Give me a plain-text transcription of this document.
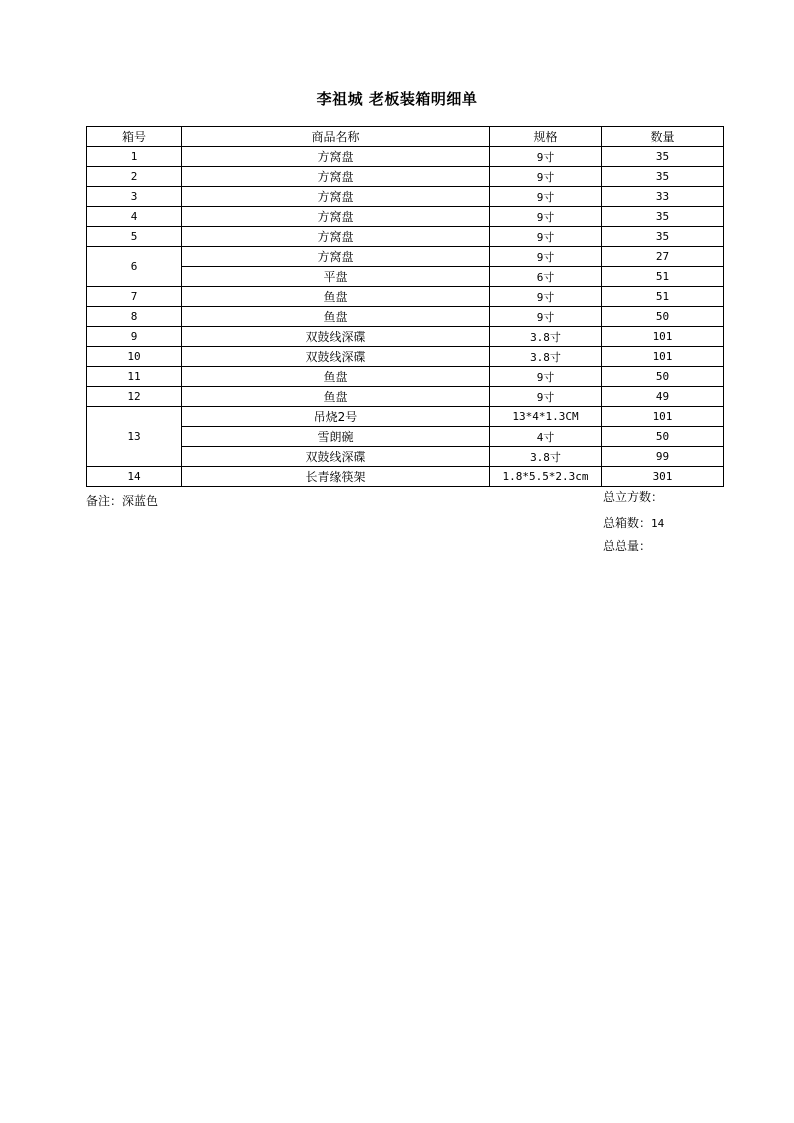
李祖城 老板装箱明细单
箱号	商品名称	规格	数量
1	方窝盘	9寸	35
2	方窝盘	9寸	35
3	方窝盘	9寸	33
4	方窝盘	9寸	35
5	方窝盘	9寸	35
6	方窝盘	9寸	27
	平盘	6寸	51
7	鱼盘	9寸	51
8	鱼盘	9寸	50
9	双鼓线深碟	3.8寸	101
10	双鼓线深碟	3.8寸	101
11	鱼盘	9寸	50
12	鱼盘	9寸	49
13	吊烧2号	13*4*1.3CM	101
	雪朗碗	4寸	50
	双鼓线深碟	3.8寸	99
14	长青缘筷架	1.8*5.5*2.3cm	301
备注：深蓝色	总立方数：
总箱数：14
总总量：
